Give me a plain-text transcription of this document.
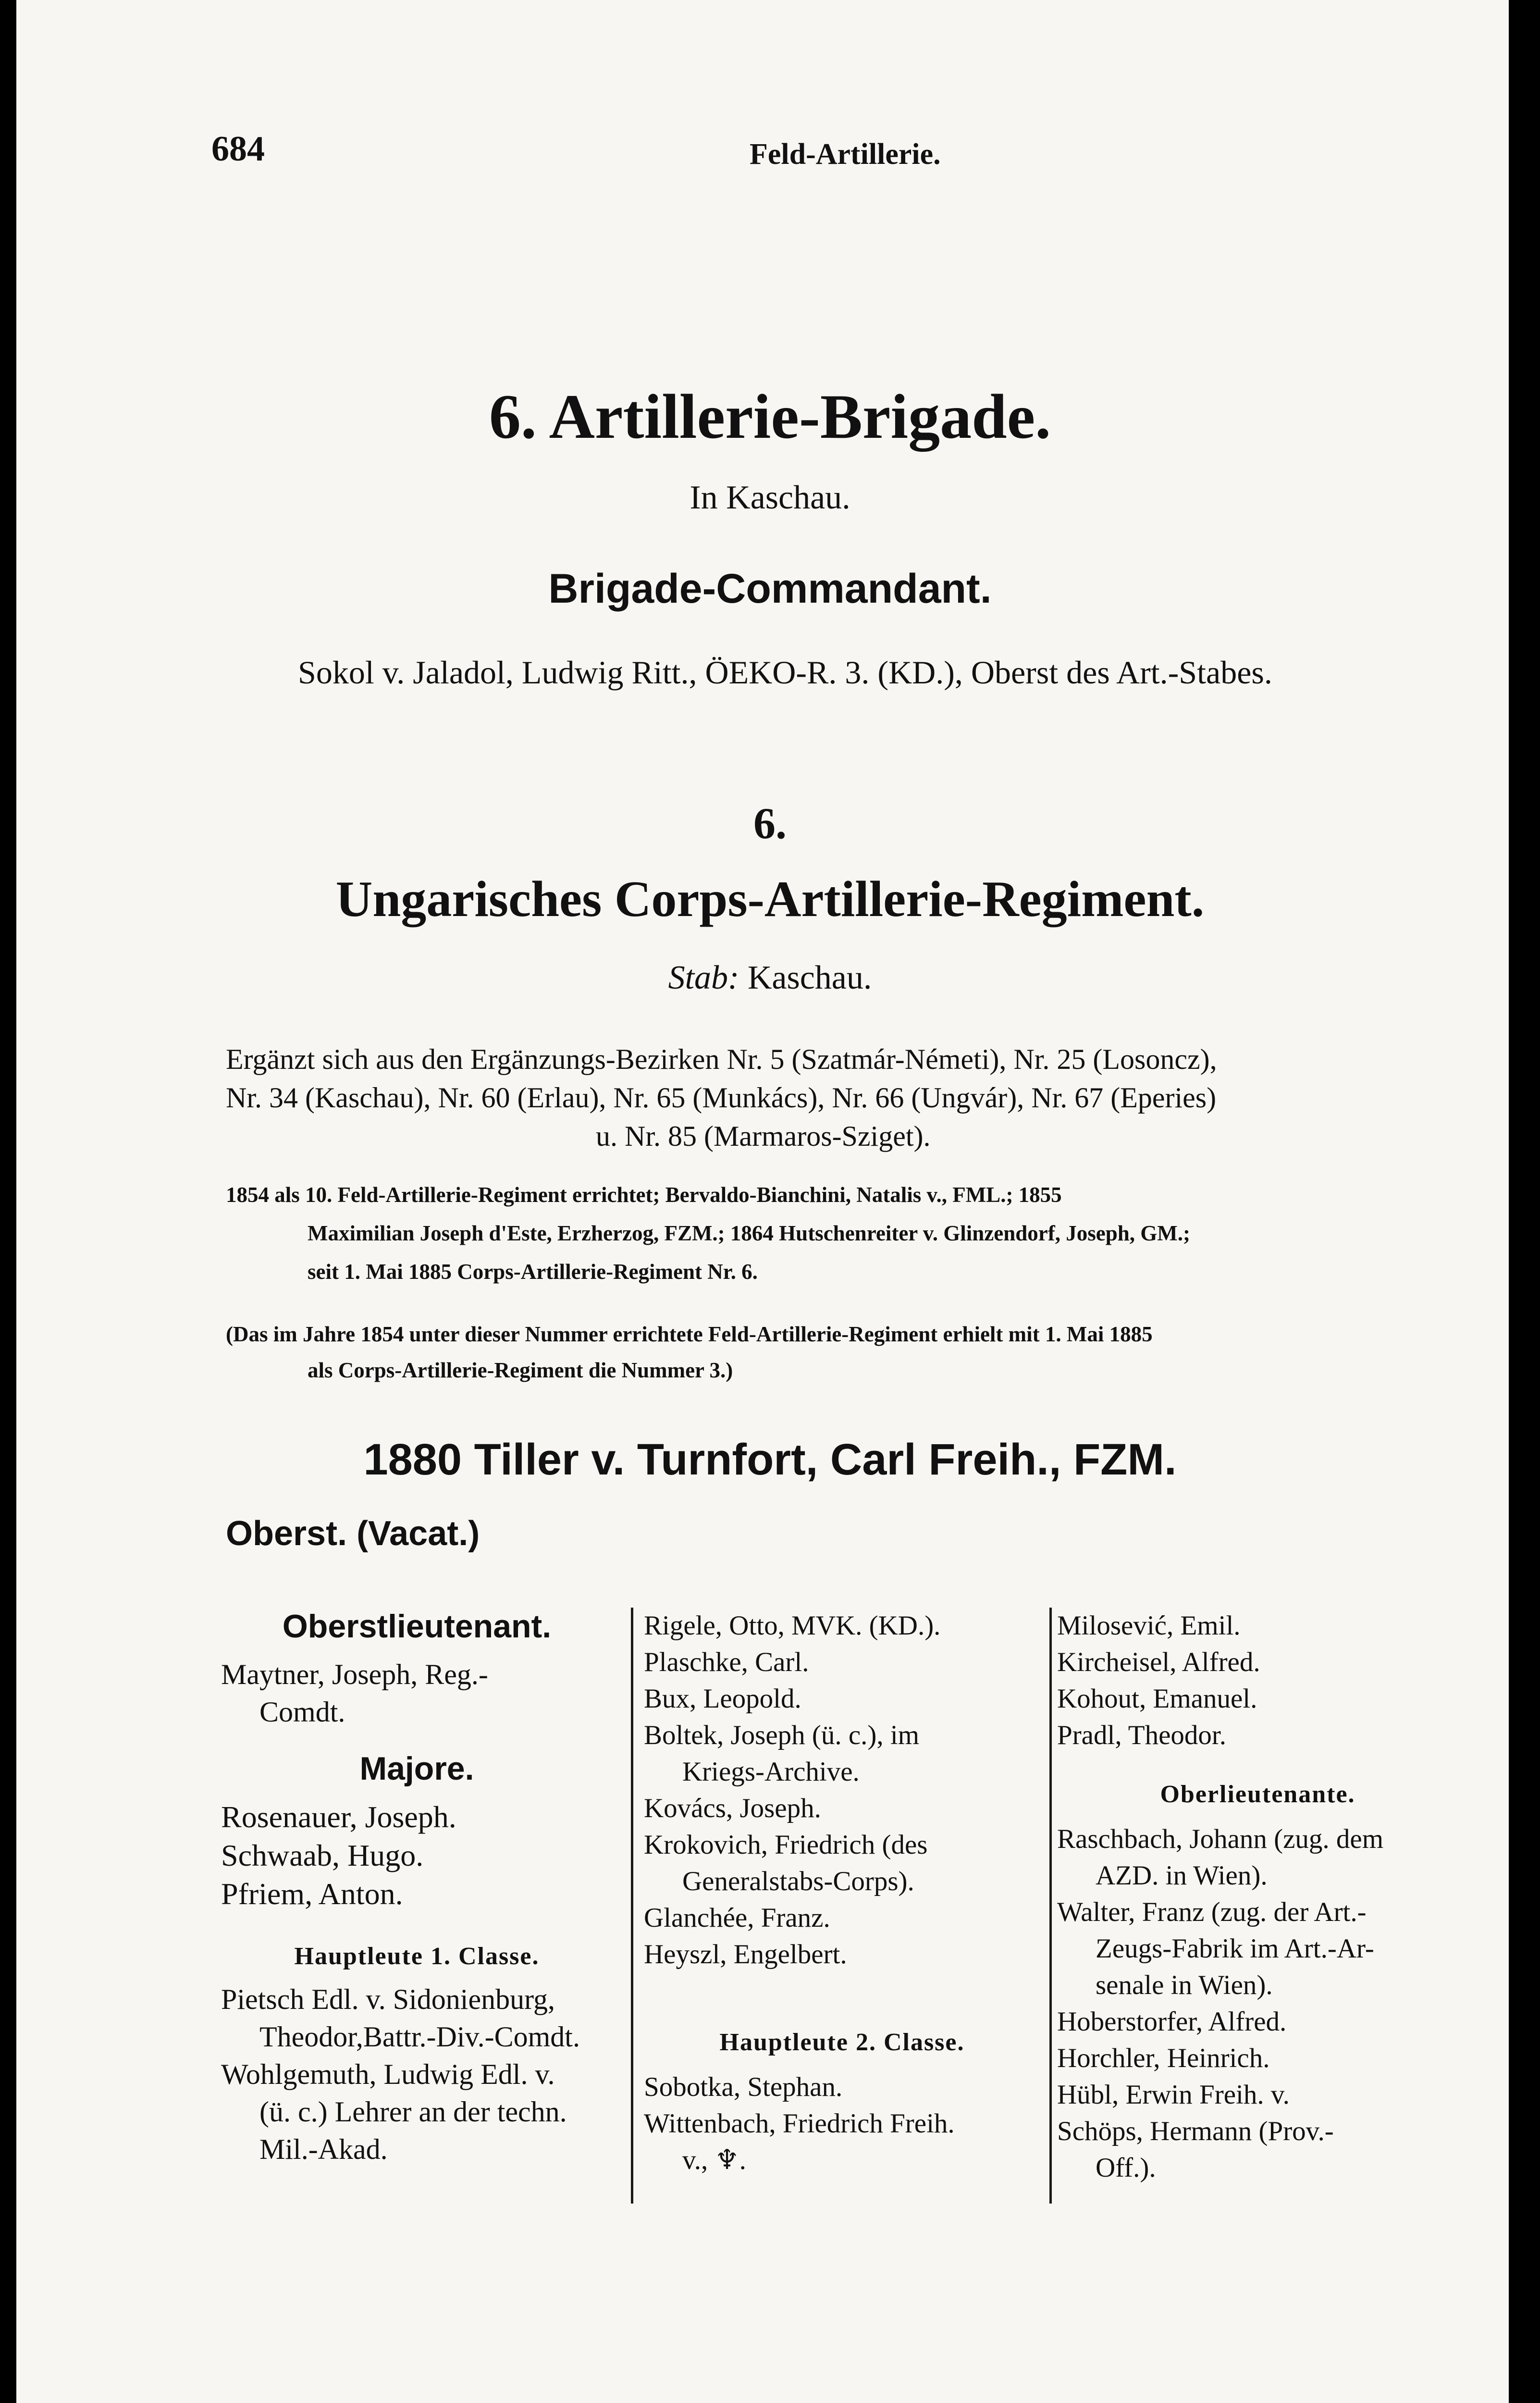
684	Feld-Artillerie.
6. Artillerie-Brigade.
In Kaschau.
Brigade-Commandant.
Sokol v. Jaladol, Ludwig Ritt., ÖEKO-R. 3. (KD.), Oberst des Art.-Stabes.
6.
Ungarisches Corps-Artillerie-Regiment.
Stab: Kaschau.
Ergänzt sich aus den Ergänzungs-Bezirken Nr. 5 (Szatmár-Németi), Nr. 25 (Losoncz),
Nr. 34 (Kaschau), Nr. 60 (Erlau), Nr. 65 (Munkács), Nr. 66 (Ungvár), Nr. 67 (Eperies)
u. Nr. 85 (Marmaros-Sziget).
1854 als 10. Feld-Artillerie-Regiment errichtet; Bervaldo-Bianchini, Natalis v., FML.; 1855
Maximilian Joseph d'Este, Erzherzog, FZM.; 1864 Hutschenreiter v. Glinzendorf, Joseph, GM.;
seit 1. Mai 1885 Corps-Artillerie-Regiment Nr. 6.
(Das im Jahre 1854 unter dieser Nummer errichtete Feld-Artillerie-Regiment erhielt mit 1. Mai 1885
als Corps-Artillerie-Regiment die Nummer 3.)
1880 Tiller v. Turnfort, Carl Freih., FZM.
Oberst. (Vacat.)
Oberstlieutenant.
Maytner, Joseph, Reg.-
Comdt.
Majore.
Rosenauer, Joseph.
Schwaab, Hugo.
Pfriem, Anton.
Hauptleute 1. Classe.
Pietsch Edl. v. Sidonienburg,
Theodor,Battr.-Div.-Comdt.
Wohlgemuth, Ludwig Edl. v.
(ü. c.) Lehrer an der techn.
Mil.-Akad.
Rigele, Otto, MVK. (KD.).
Plaschke, Carl.
Bux, Leopold.
Boltek, Joseph (ü. c.), im
Kriegs-Archive.
Kovács, Joseph.
Krokovich, Friedrich (des
Generalstabs-Corps).
Glanchée, Franz.
Heyszl, Engelbert.
Hauptleute 2. Classe.
Sobotka, Stephan.
Wittenbach, Friedrich Freih.
v., ♆.
Milosević, Emil.
Kircheisel, Alfred.
Kohout, Emanuel.
Pradl, Theodor.
Oberlieutenante.
Raschbach, Johann (zug. dem
AZD. in Wien).
Walter, Franz (zug. der Art.-
Zeugs-Fabrik im Art.-Ar-
senale in Wien).
Hoberstorfer, Alfred.
Horchler, Heinrich.
Hübl, Erwin Freih. v.
Schöps, Hermann (Prov.-
Off.).
